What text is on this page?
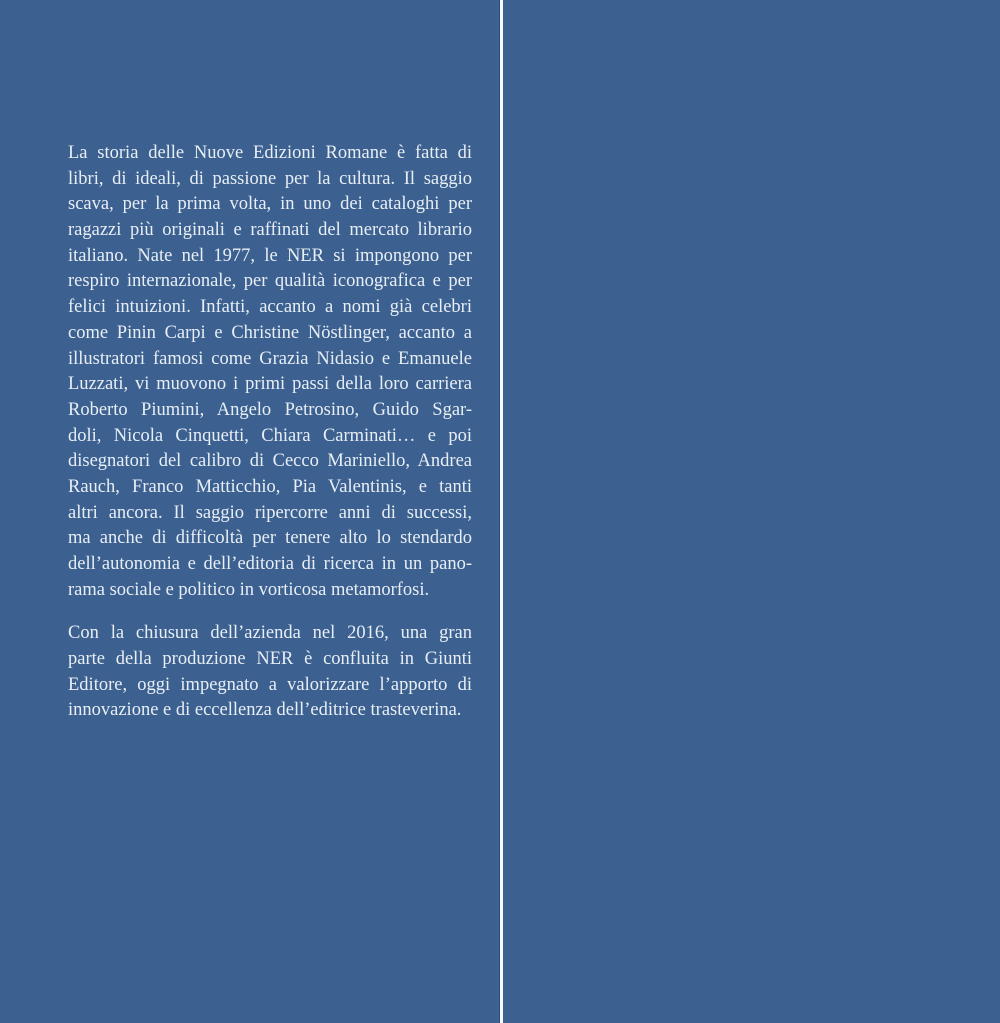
La storia delle Nuove Edizioni Romane è fatta di
libri, di ideali, di passione per la cultura. Il saggio
scava, per la prima volta, in uno dei cataloghi per
ragazzi più originali e raffinati del mercato librario
italiano. Nate nel 1977, le NER si impongono per
respiro internazionale, per qualità iconografica e per
felici intuizioni. Infatti, accanto a nomi già celebri
come Pinin Carpi e Christine Nöstlinger, accanto a
illustratori famosi come Grazia Nidasio e Emanuele
Luzzati, vi muovono i primi passi della loro carriera
Roberto Piumini, Angelo Petrosino, Guido Sgar-
doli, Nicola Cinquetti, Chiara Carminati… e poi
disegnatori del calibro di Cecco Mariniello, Andrea
Rauch, Franco Matticchio, Pia Valentinis, e tanti
altri ancora. Il saggio ripercorre anni di successi,
ma anche di difficoltà per tenere alto lo stendardo
dell’autonomia e dell’editoria di ricerca in un pano-
rama sociale e politico in vorticosa metamorfosi.
Con la chiusura dell’azienda nel 2016, una gran
parte della produzione NER è confluita in Giunti
Editore, oggi impegnato a valorizzare l’apporto di
innovazione e di eccellenza dell’editrice trasteverina.
